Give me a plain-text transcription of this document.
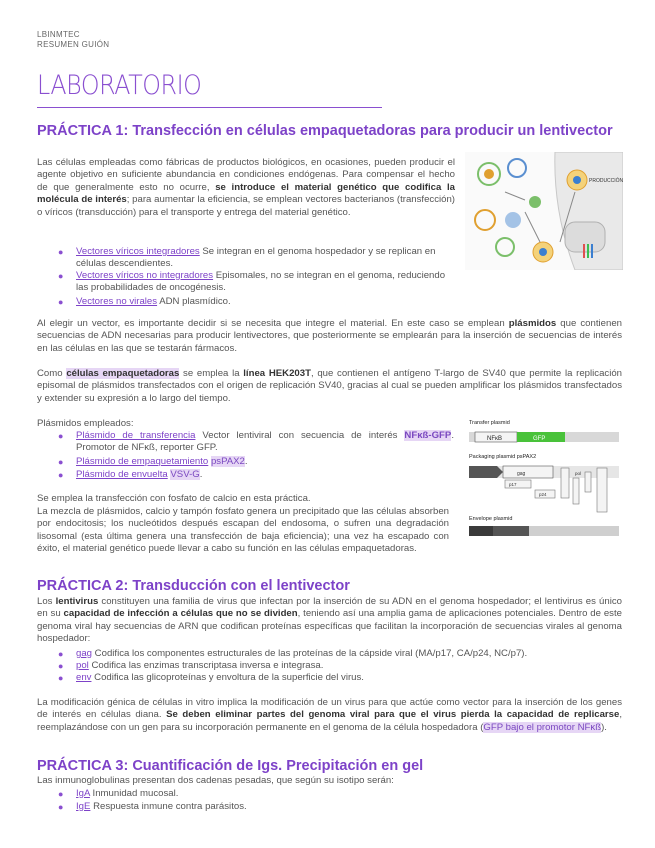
LBINMTEC
RESUMEN GUIÓN
LABORATORIO
PRÁCTICA 1: Transfección en células empaquetadoras para producir un lentivector
Las células empleadas como fábricas de productos biológicos, en ocasiones, pueden producir el agente objetivo en suficiente abundancia en condiciones endógenas. Para compensar el hecho de que generalmente esto no ocurre, se introduce el material genético que codifica la molécula de interés; para aumentar la eficiencia, se emplean vectores bacterianos (transfección) o víricos (transducción) para el transporte y entrega del material genético.
● Vectores víricos integradores Se integran en el genoma hospedador y se replican en células descendientes.
● Vectores víricos no integradores Episomales, no se integran en el genoma, reduciendo las probabilidades de oncogénesis.
● Vectores no virales ADN plasmídico.
PRODUCCIÓN
Al elegir un vector, es importante decidir si se necesita que integre el material. En este caso se emplean plásmidos que contienen secuencias de ADN necesarias para producir lentivectores, que posteriormente se emplearán para la inserción de secuencias de interés en las células en las que se testarán fármacos.
Como células empaquetadoras se emplea la línea HEK203T, que contienen el antígeno T-largo de SV40 que permite la replicación episomal de plásmidos transfectados con el origen de replicación SV40, gracias al cual se pueden amplificar los plásmidos transfectados y extender su expresión a lo largo del tiempo.
Plásmidos empleados:
● Plásmido de transferencia Vector lentiviral con secuencia de interés NFκß-GFP. Promotor de NFκß, reporter GFP.
● Plásmido de empaquetamiento psPAX2.
● Plásmido de envuelta VSV-G.
Transfer plasmid
NFκB	GFP
Packaging plasmid psPAX2
gag
p17
p24
pol
Envelope plasmid
Se emplea la transfección con fosfato de calcio en esta práctica.
La mezcla de plásmidos, calcio y tampón fosfato genera un precipitado que las células absorben por endocitosis; los nucleótidos después escapan del endosoma, o sufren una degradación lisosomal (esta última genera una transfección de baja eficiencia); una vez ha escapado con éxito, el material genético puede llevar a cabo su función en las células empaquetadoras.
PRÁCTICA 2: Transducción con el lentivector
Los lentivirus constituyen una familia de virus que infectan por la inserción de su ADN en el genoma hospedador; el lentivirus es único en su capacidad de infección a células que no se dividen, teniendo así una amplia gama de aplicaciones potenciales. Dentro de este genoma viral hay secuencias de ARN que codifican proteínas específicas que facilitan la incorporación de secuencias virales al genoma hospedador:
● gag Codifica los componentes estructurales de las proteínas de la cápside viral (MA/p17, CA/p24, NC/p7).
● pol Codifica las enzimas transcriptasa inversa e integrasa.
● env Codifica las glicoproteínas y envoltura de la superficie del virus.
La modificación génica de células in vitro implica la modificación de un virus para que actúe como vector para la inserción de los genes de interés en células diana. Se deben eliminar partes del genoma viral para que el virus pierda la capacidad de replicarse, reemplazándose con un gen para su incorporación permanente en el genoma de la célula hospedadora (GFP bajo el promotor NFκß).
PRÁCTICA 3: Cuantificación de Igs. Precipitación en gel
Las inmunoglobulinas presentan dos cadenas pesadas, que según su isotipo serán:
● IgA Inmunidad mucosal.
● IgE Respuesta inmune contra parásitos.
